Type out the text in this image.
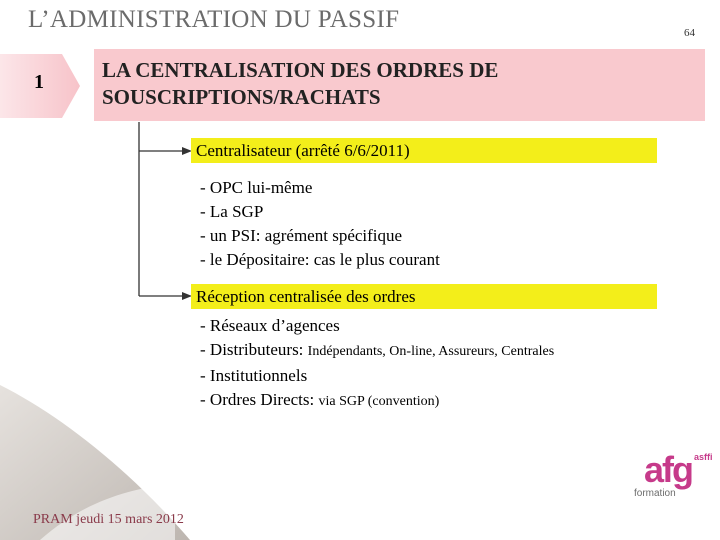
L’ADMINISTRATION DU PASSIF	64
1	LA CENTRALISATION DES ORDRES DE
SOUSCRIPTIONS/RACHATS
Centralisateur (arrêté 6/6/2011)
- OPC lui-même
- La SGP
- un PSI: agrément spécifique
- le Dépositaire: cas le plus courant
Réception centralisée des ordres
- Réseaux d’agences
- Distributeurs: Indépendants, On-line, Assureurs, Centrales
- Institutionnels
- Ordres Directs: via SGP (convention)
PRAM jeudi 15 mars 2012
asffi
afg
formation
